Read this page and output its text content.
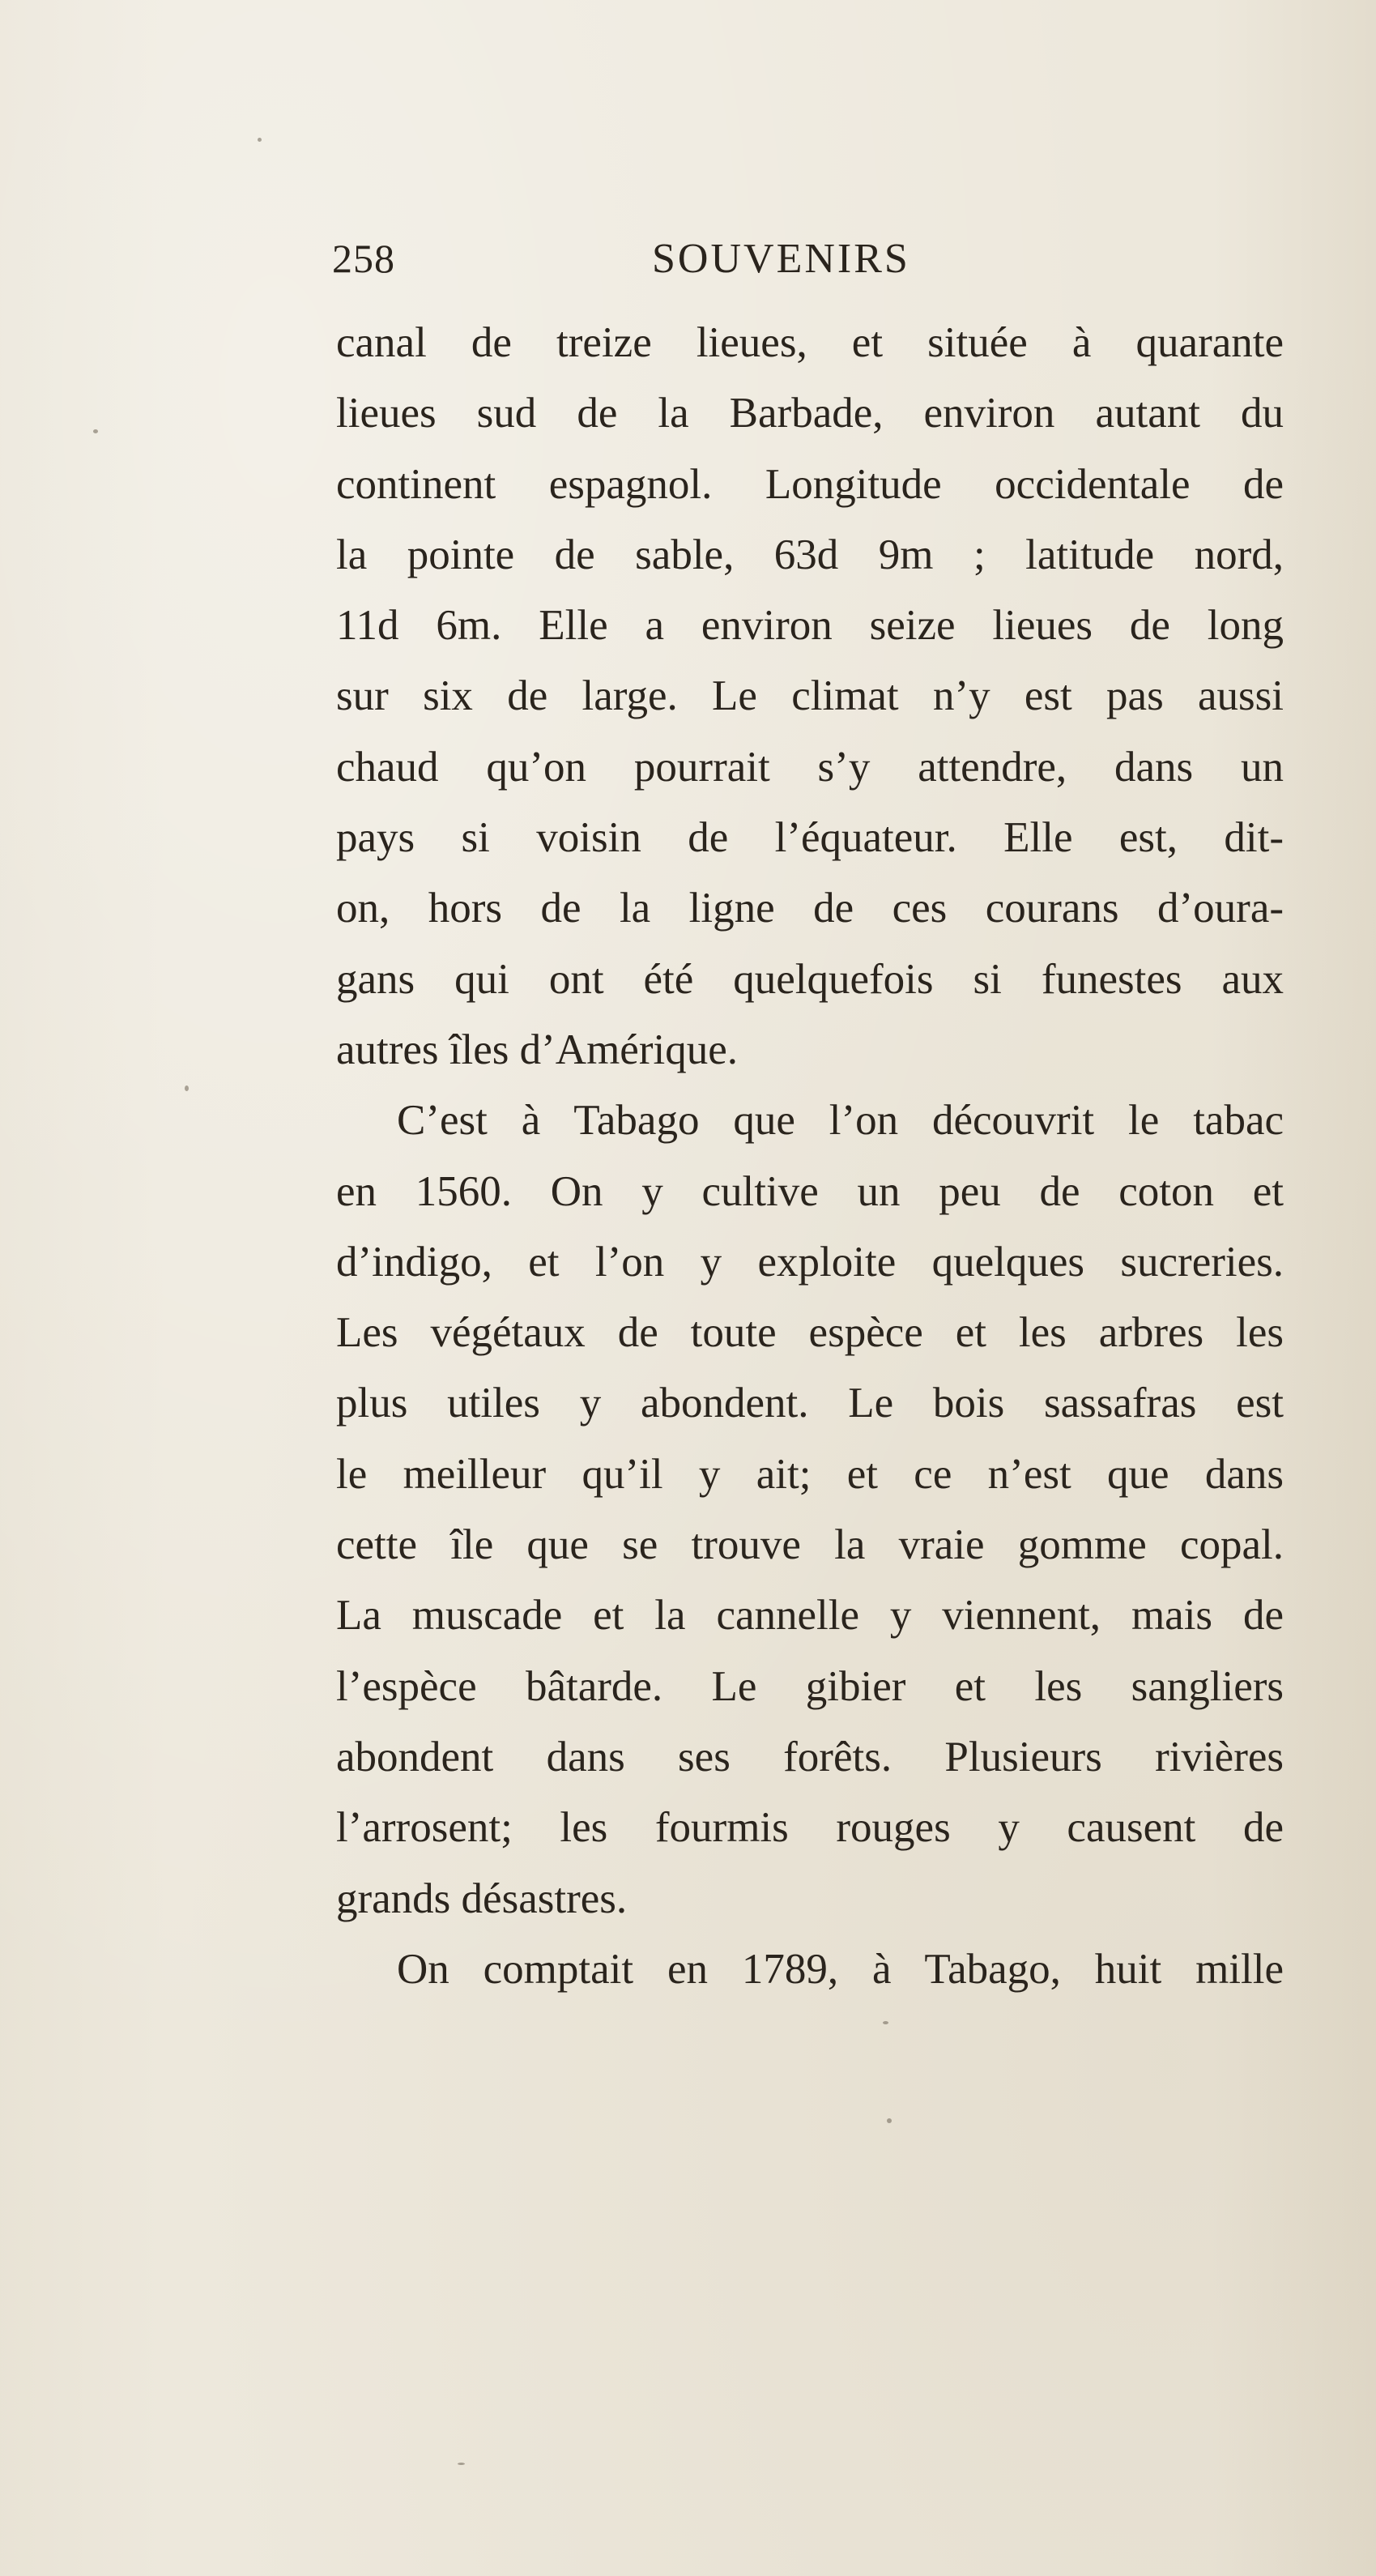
258	SOUVENIRS
canal de treize lieues, et située à quarante
lieues sud de la Barbade, environ autant du
continent espagnol. Longitude occidentale de
la pointe de sable, 63d 9m ; latitude nord,
11d 6m. Elle a environ seize lieues de long
sur six de large. Le climat n’y est pas aussi
chaud qu’on pourrait s’y attendre, dans un
pays si voisin de l’équateur. Elle est, dit-
on, hors de la ligne de ces courans d’oura-
gans qui ont été quelquefois si funestes aux
autres îles d’Amérique.
C’est à Tabago que l’on découvrit le tabac
en 1560. On y cultive un peu de coton et
d’indigo, et l’on y exploite quelques sucreries.
Les végétaux de toute espèce et les arbres les
plus utiles y abondent. Le bois sassafras est
le meilleur qu’il y ait; et ce n’est que dans
cette île que se trouve la vraie gomme copal.
La muscade et la cannelle y viennent, mais de
l’espèce bâtarde. Le gibier et les sangliers
abondent dans ses forêts. Plusieurs rivières
l’arrosent; les fourmis rouges y causent de
grands désastres.
On comptait en 1789, à Tabago, huit mille
